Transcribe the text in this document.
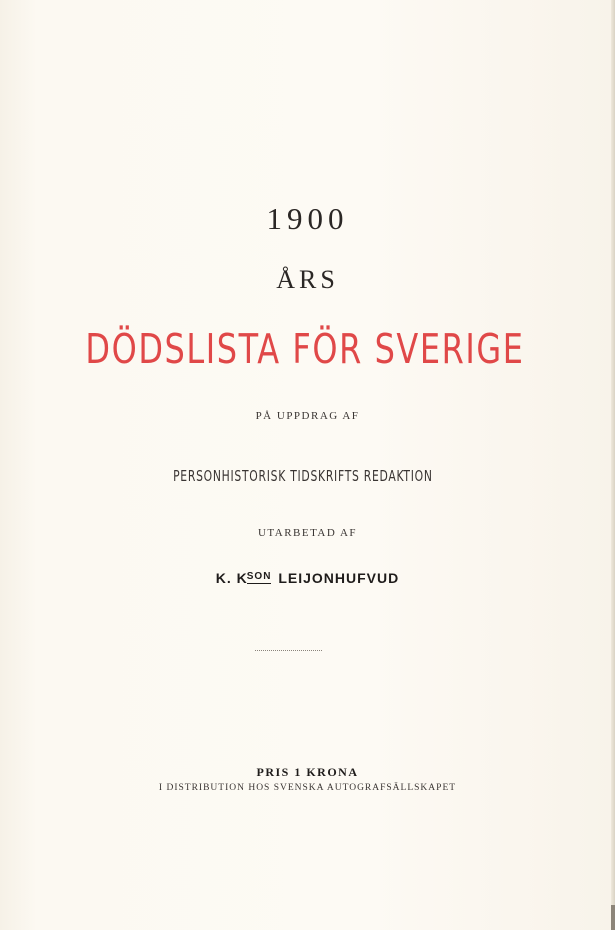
1900
ÅRS
DÖDSLISTA FÖR SVERIGE
PÅ UPPDRAG AF
PERSONHISTORISK TIDSKRIFTS REDAKTION
UTARBETAD AF
K. KSON LEIJONHUFVUD
PRIS 1 KRONA
I DISTRIBUTION HOS SVENSKA AUTOGRAFSÄLLSKAPET
